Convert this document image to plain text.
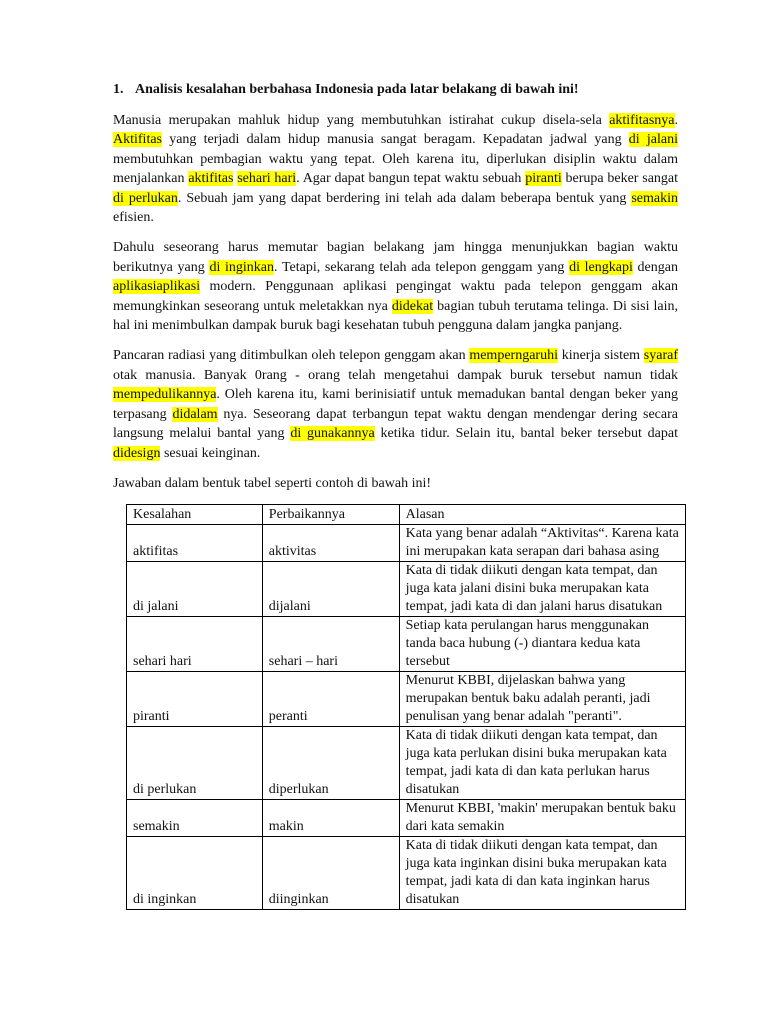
1. Analisis kesalahan berbahasa Indonesia pada latar belakang di bawah ini!

Manusia merupakan mahluk hidup yang membutuhkan istirahat cukup disela-sela aktifitasnya. Aktifitas yang terjadi dalam hidup manusia sangat beragam. Kepadatan jadwal yang di jalani membutuhkan pembagian waktu yang tepat. Oleh karena itu, diperlukan disiplin waktu dalam menjalankan aktifitas sehari hari. Agar dapat bangun tepat waktu sebuah piranti berupa beker sangat di perlukan. Sebuah jam yang dapat berdering ini telah ada dalam beberapa bentuk yang semakin efisien.

Dahulu seseorang harus memutar bagian belakang jam hingga menunjukkan bagian waktu berikutnya yang di inginkan. Tetapi, sekarang telah ada telepon genggam yang di lengkapi dengan aplikasiaplikasi modern. Penggunaan aplikasi pengingat waktu pada telepon genggam akan memungkinkan seseorang untuk meletakkan nya didekat bagian tubuh terutama telinga. Di sisi lain, hal ini menimbulkan dampak buruk bagi kesehatan tubuh pengguna dalam jangka panjang.

Pancaran radiasi yang ditimbulkan oleh telepon genggam akan memperngaruhi kinerja sistem syaraf otak manusia. Banyak 0rang - orang telah mengetahui dampak buruk tersebut namun tidak mempedulikannya. Oleh karena itu, kami berinisiatif untuk memadukan bantal dengan beker yang terpasang didalam nya. Seseorang dapat terbangun tepat waktu dengan mendengar dering secara langsung melalui bantal yang di gunakannya ketika tidur. Selain itu, bantal beker tersebut dapat didesign sesuai keinginan.

Jawaban dalam bentuk tabel seperti contoh di bawah ini!

Kesalahan	Perbaikannya	Alasan
aktifitas	aktivitas	Kata yang benar adalah “Aktivitas“. Karena kata ini merupakan kata serapan dari bahasa asing
di jalani	dijalani	Kata di tidak diikuti dengan kata tempat, dan juga kata jalani disini buka merupakan kata tempat, jadi kata di dan jalani harus disatukan
sehari hari	sehari – hari	Setiap kata perulangan harus menggunakan tanda baca hubung (-) diantara kedua kata tersebut
piranti	peranti	Menurut KBBI, dijelaskan bahwa yang merupakan bentuk baku adalah peranti, jadi penulisan yang benar adalah "peranti".
di perlukan	diperlukan	Kata di tidak diikuti dengan kata tempat, dan juga kata perlukan disini buka merupakan kata tempat, jadi kata di dan kata perlukan harus disatukan
semakin	makin	Menurut KBBI, 'makin' merupakan bentuk baku dari kata semakin
di inginkan	diinginkan	Kata di tidak diikuti dengan kata tempat, dan juga kata inginkan disini buka merupakan kata tempat, jadi kata di dan kata inginkan harus disatukan
